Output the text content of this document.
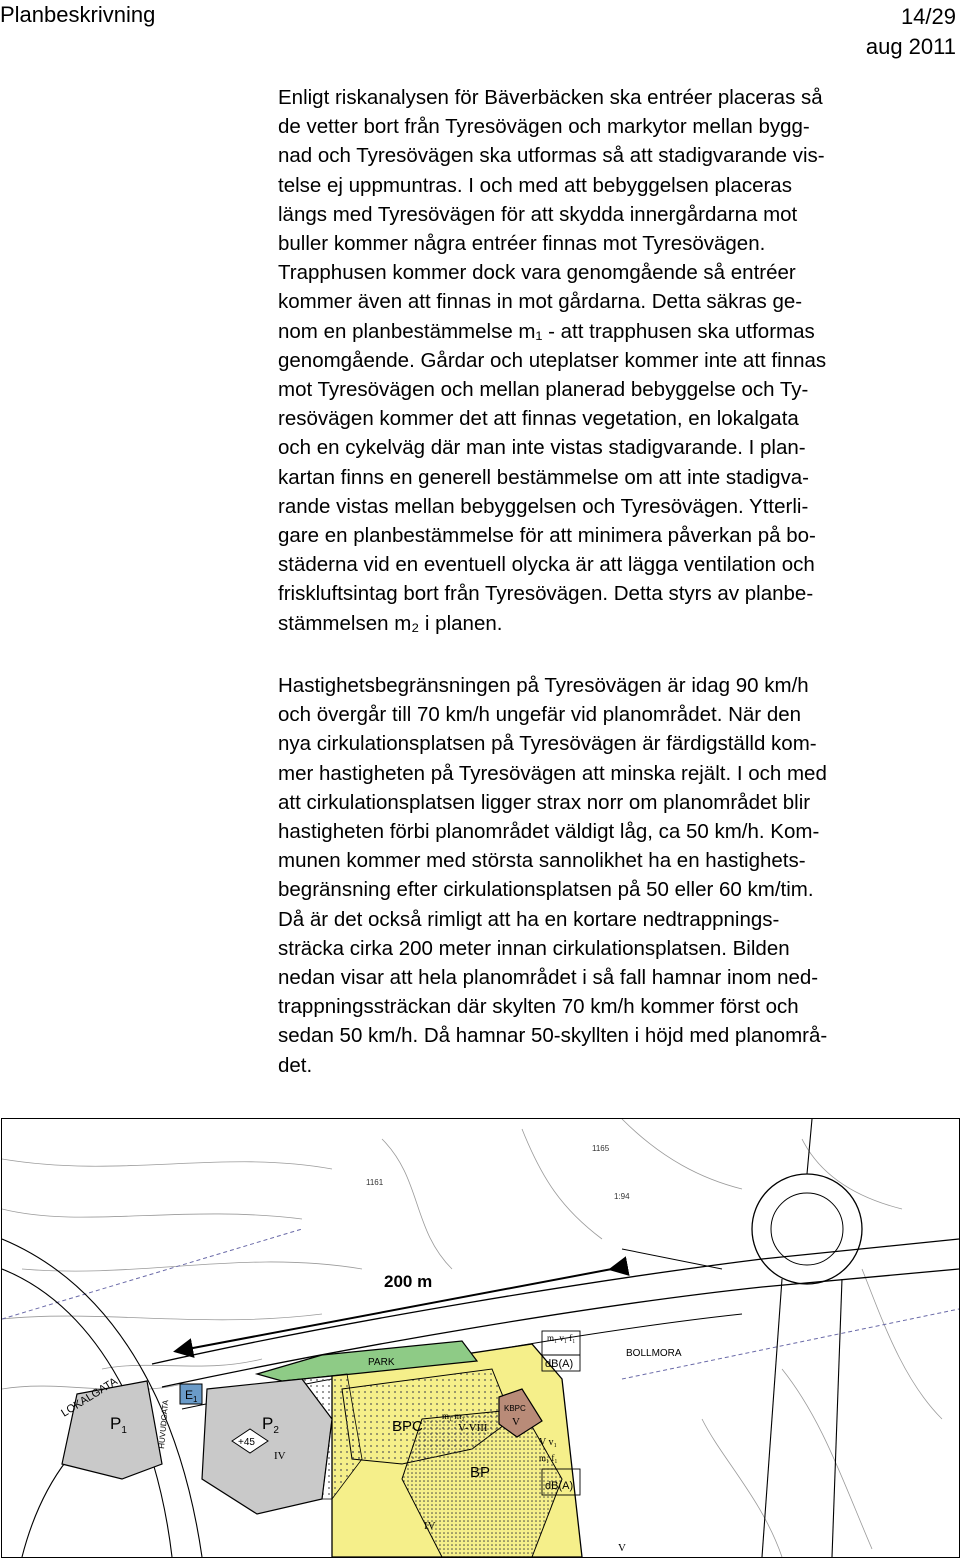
Planbeskrivning	14/29
aug 2011
Enligt riskanalysen för Bäverbäcken ska entréer placeras så
de vetter bort från Tyresövägen och markytor mellan bygg-
nad och Tyresövägen ska utformas så att stadigvarande vis-
telse ej uppmuntras. I och med att bebyggelsen placeras
längs med Tyresövägen för att skydda innergårdarna mot
buller kommer några entréer finnas mot Tyresövägen.
Trapphusen kommer dock vara genomgående så entréer
kommer även att finnas in mot gårdarna. Detta säkras ge-
nom en planbestämmelse m₁ - att trapphusen ska utformas
genomgående. Gårdar och uteplatser kommer inte att finnas
mot Tyresövägen och mellan planerad bebyggelse och Ty-
resövägen kommer det att finnas vegetation, en lokalgata
och en cykelväg där man inte vistas stadigvarande. I plan-
kartan finns en generell bestämmelse om att inte stadigva-
rande vistas mellan bebyggelsen och Tyresövägen. Ytterli-
gare en planbestämmelse för att minimera påverkan på bo-
städerna vid en eventuell olycka är att lägga ventilation och
friskluftsintag bort från Tyresövägen. Detta styrs av planbe-
stämmelsen m₂ i planen.
Hastighetsbegränsningen på Tyresövägen är idag 90 km/h
och övergår till 70 km/h ungefär vid planområdet. När den
nya cirkulationsplatsen på Tyresövägen är färdigställd kom-
mer hastigheten på Tyresövägen att minska rejält. I och med
att cirkulationsplatsen ligger strax norr om planområdet blir
hastigheten förbi planområdet väldigt låg, ca 50 km/h. Kom-
munen kommer med största sannolikhet ha en hastighets-
begränsning efter cirkulationsplatsen på 50 eller 60 km/tim.
Då är det också rimligt att ha en kortare nedtrappnings-
sträcka cirka 200 meter innan cirkulationsplatsen. Bilden
nedan visar att hela planområdet i så fall hamnar inom ned-
trappningssträckan där skylten 70 km/h kommer först och
sedan 50 km/h. Då hamnar 50-skyllten i höjd med planområ-
det.
200 m
LOKALGATA
HUVUDGATA
PARK
BOLLMORA
$P_1$	$P_2$
$E_1$
BPC
BP
KBPC
V
V-VIII
m₁ m₂
m₁ v₁ f₁
dB(A)
V v₁
m₁ f₁
dB(A)
IV
IV
+45
V
1161
1165
1:94
